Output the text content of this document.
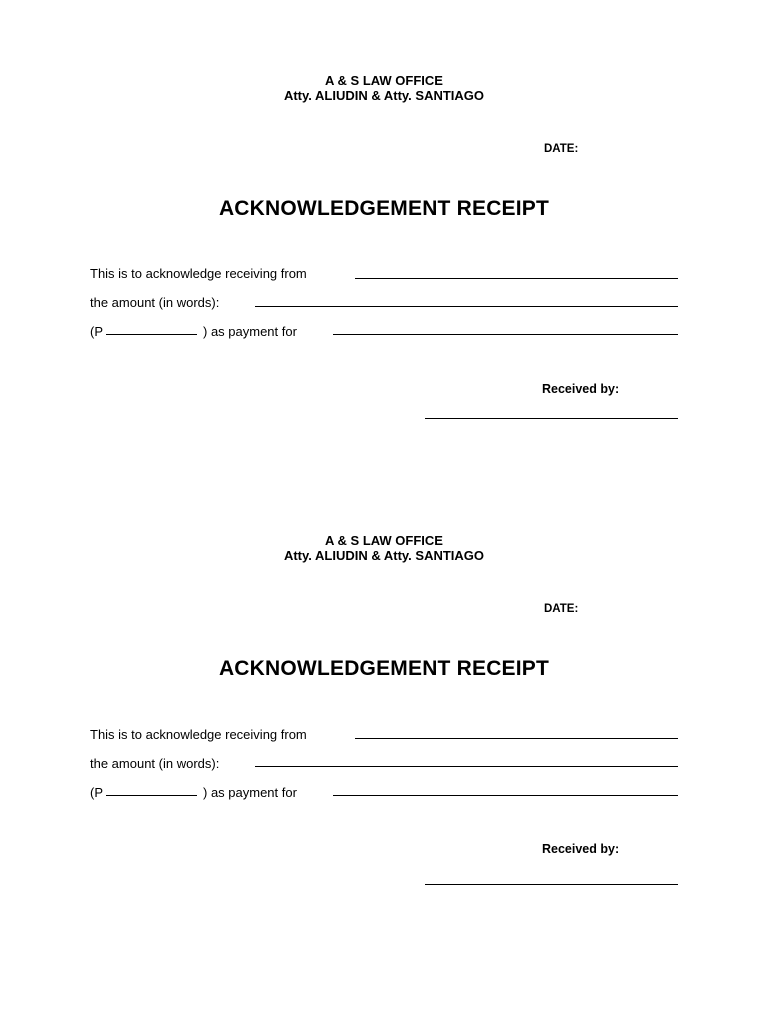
A & S LAW OFFICE
Atty. ALIUDIN & Atty. SANTIAGO
DATE:
ACKNOWLEDGEMENT RECEIPT
This is to acknowledge receiving from
the amount (in words):
(P	) as payment for
Received by:
A & S LAW OFFICE
Atty. ALIUDIN & Atty. SANTIAGO
DATE:
ACKNOWLEDGEMENT RECEIPT
This is to acknowledge receiving from
the amount (in words):
(P	) as payment for
Received by:
